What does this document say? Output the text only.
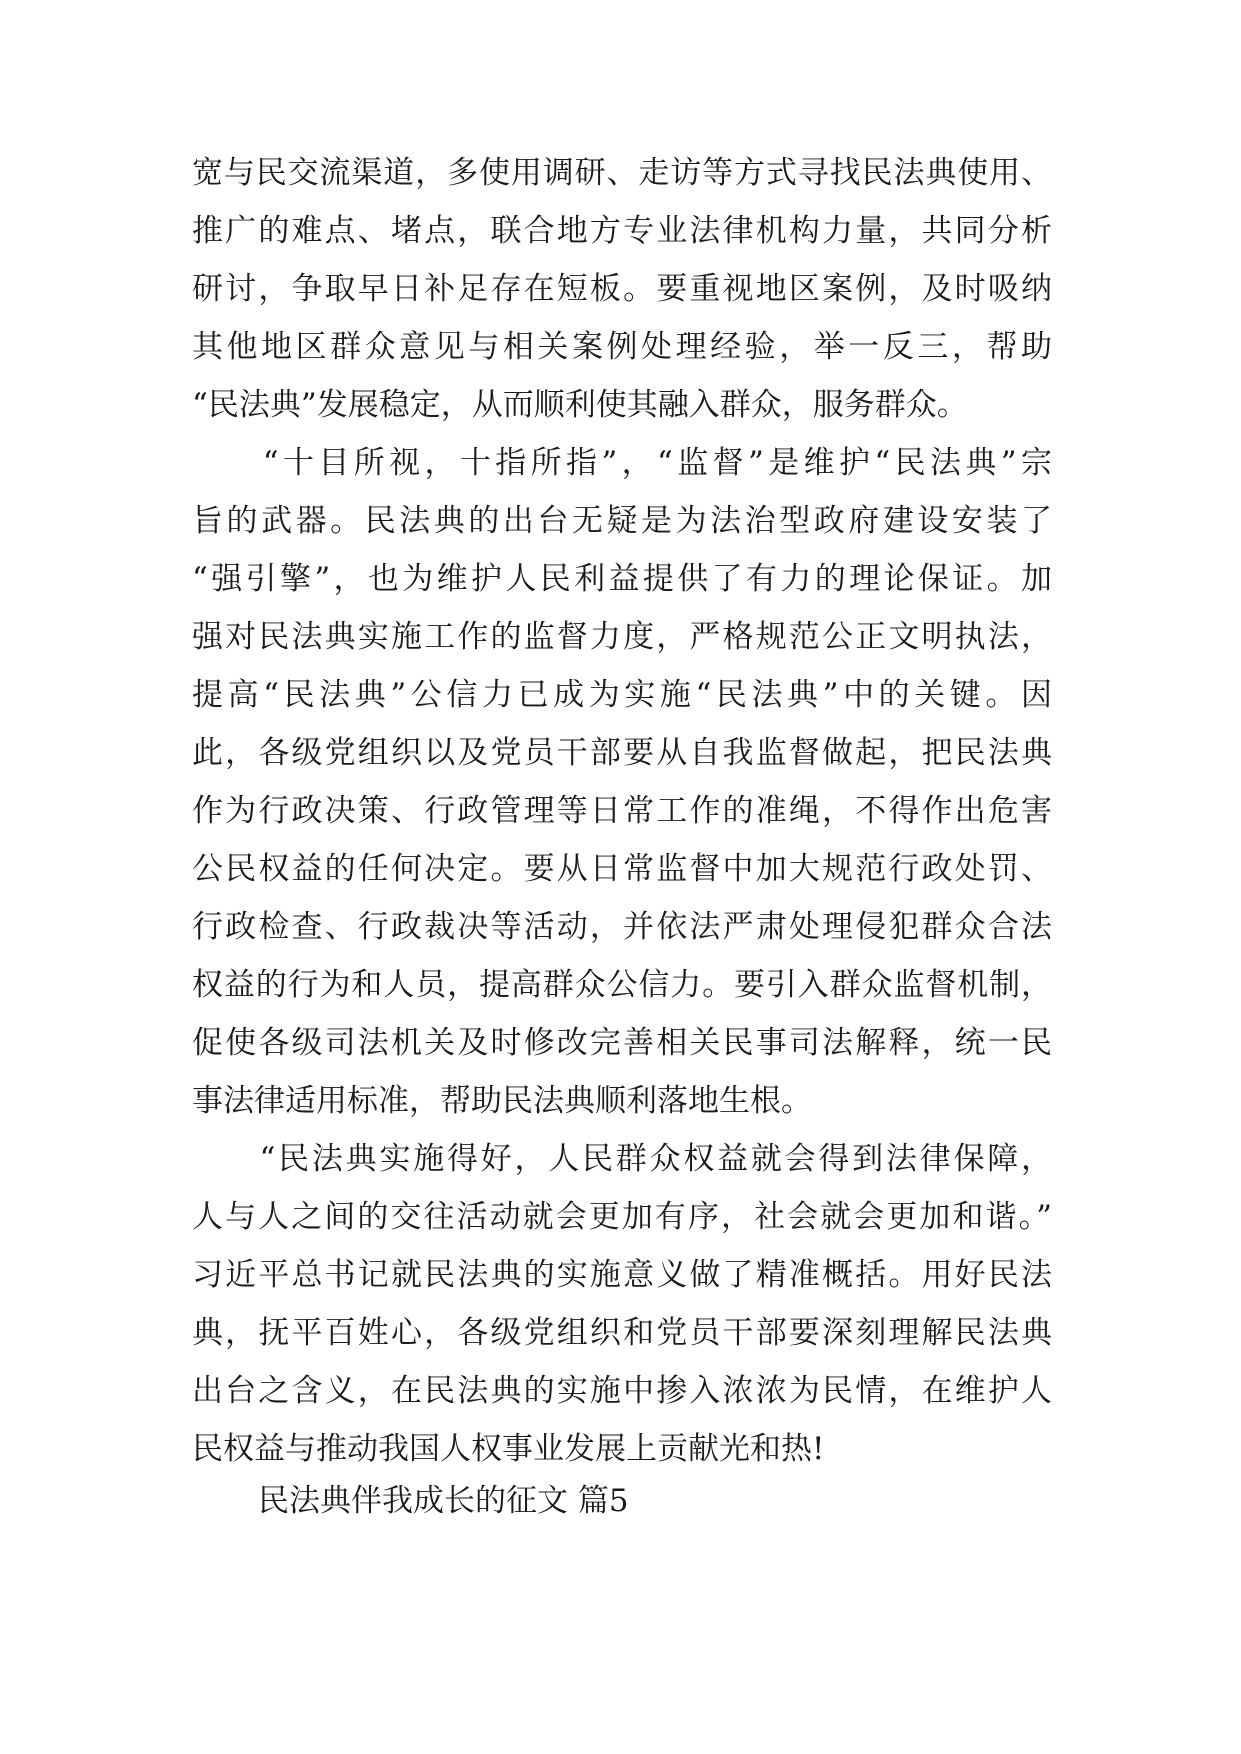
宽与民交流渠道，多使用调研、走访等方式寻找民法典使用、
推广的难点、堵点，联合地方专业法律机构力量，共同分析
研讨，争取早日补足存在短板。要重视地区案例，及时吸纳
其他地区群众意见与相关案例处理经验，举一反三，帮助
“民法典”发展稳定，从而顺利使其融入群众，服务群众。
　　“十目所视，十指所指”，“监督”是维护“民法典”宗
旨的武器。民法典的出台无疑是为法治型政府建设安装了
“强引擎”，也为维护人民利益提供了有力的理论保证。加
强对民法典实施工作的监督力度，严格规范公正文明执法，
提高“民法典”公信力已成为实施“民法典”中的关键。因
此，各级党组织以及党员干部要从自我监督做起，把民法典
作为行政决策、行政管理等日常工作的准绳，不得作出危害
公民权益的任何决定。要从日常监督中加大规范行政处罚、
行政检查、行政裁决等活动，并依法严肃处理侵犯群众合法
权益的行为和人员，提高群众公信力。要引入群众监督机制，
促使各级司法机关及时修改完善相关民事司法解释，统一民
事法律适用标准，帮助民法典顺利落地生根。
　　“民法典实施得好，人民群众权益就会得到法律保障，
人与人之间的交往活动就会更加有序，社会就会更加和谐。”
习近平总书记就民法典的实施意义做了精准概括。用好民法
典，抚平百姓心，各级党组织和党员干部要深刻理解民法典
出台之含义，在民法典的实施中掺入浓浓为民情，在维护人
民权益与推动我国人权事业发展上贡献光和热!
民法典伴我成长的征文 篇5
